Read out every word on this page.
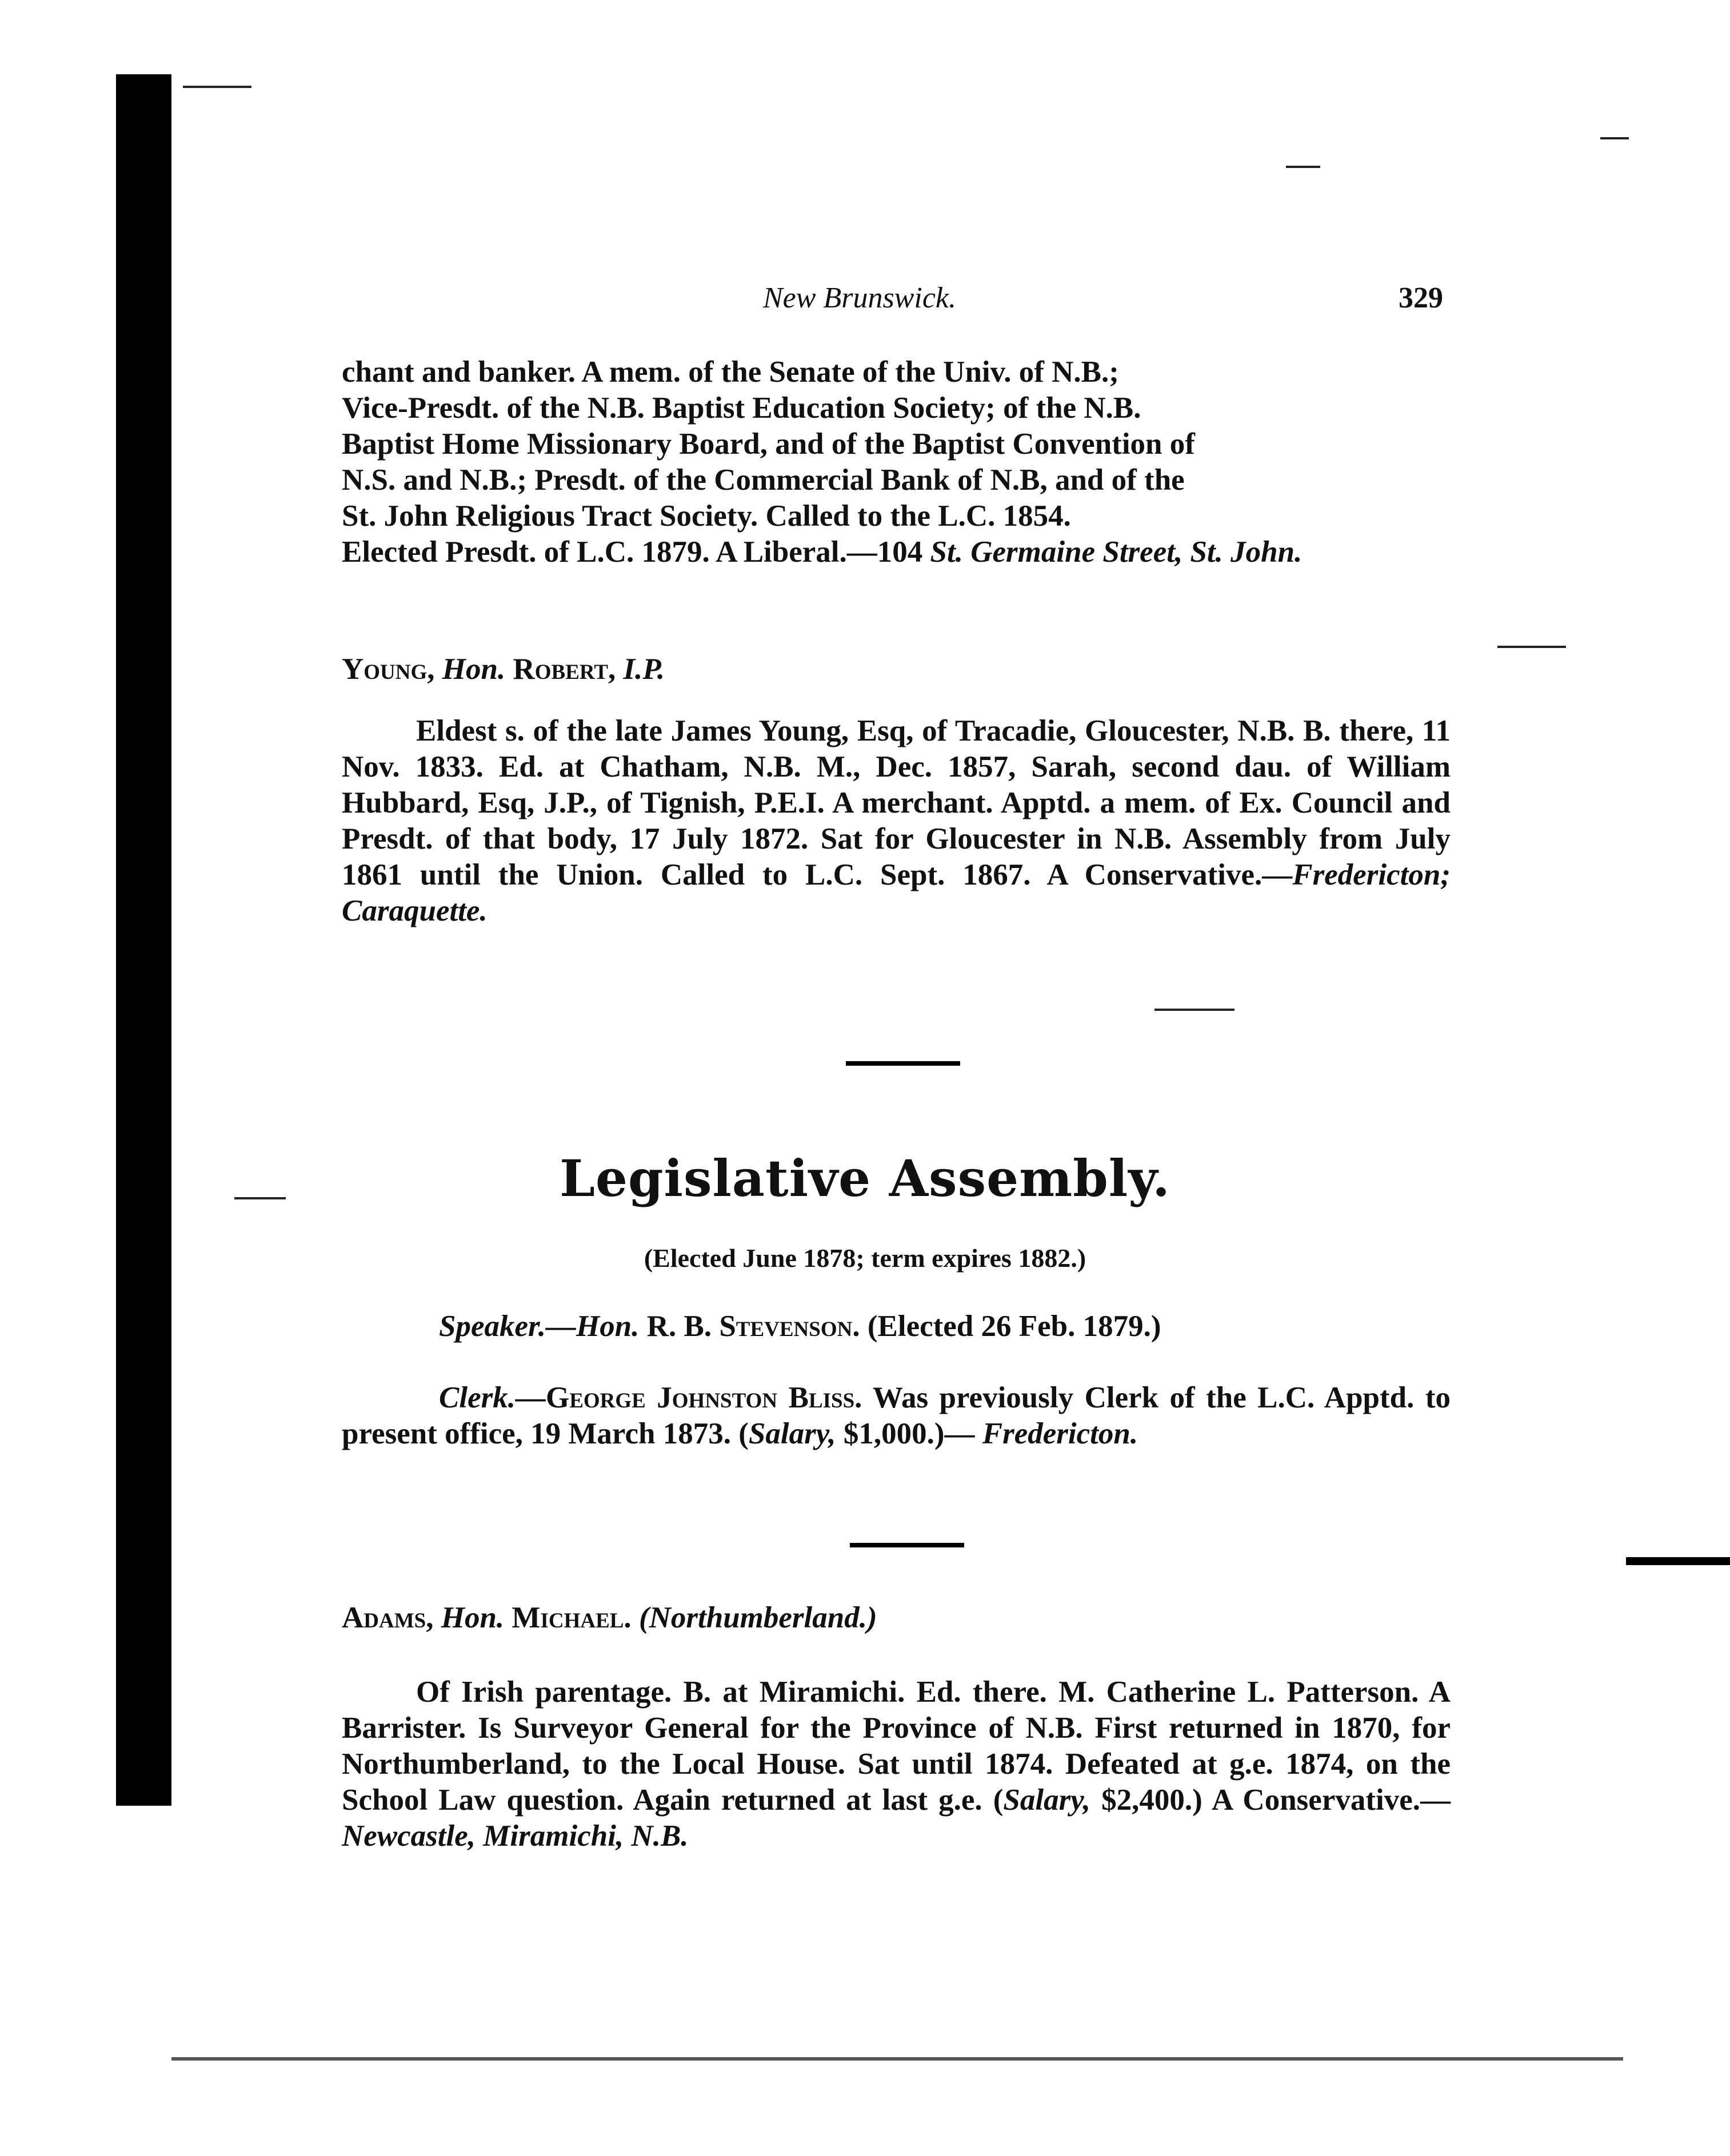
New Brunswick.	329
chant and banker. A mem. of the Senate of the Univ. of N.B.;
Vice-Presdt. of the N.B. Baptist Education Society; of the N.B.
Baptist Home Missionary Board, and of the Baptist Convention of
N.S. and N.B.; Presdt. of the Commercial Bank of N.B, and of the
St. John Religious Tract Society. Called to the L.C. 1854.
Elected Presdt. of L.C. 1879. A Liberal.—104 St. Germaine Street, St. John.
Young, Hon. Robert, I.P.
Eldest s. of the late James Young, Esq, of Tracadie, Gloucester, N.B. B. there, 11 Nov. 1833. Ed. at Chatham, N.B. M., Dec. 1857, Sarah, second dau. of William Hubbard, Esq, J.P., of Tignish, P.E.I. A merchant. Apptd. a mem. of Ex. Council and Presdt. of that body, 17 July 1872. Sat for Gloucester in N.B. Assembly from July 1861 until the Union. Called to L.C. Sept. 1867. A Conservative.—Fredericton; Caraquette.
Legislative Assembly.
(Elected June 1878; term expires 1882.)
Speaker.—Hon. R. B. Stevenson. (Elected 26 Feb. 1879.)
Clerk.—George Johnston Bliss. Was previously Clerk of the L.C. Apptd. to present office, 19 March 1873. (Salary, $1,000.)— Fredericton.
Adams, Hon. Michael. (Northumberland.)
Of Irish parentage. B. at Miramichi. Ed. there. M. Catherine L. Patterson. A Barrister. Is Surveyor General for the Province of N.B. First returned in 1870, for Northumberland, to the Local House. Sat until 1874. Defeated at g.e. 1874, on the School Law question. Again returned at last g.e. (Salary, $2,400.) A Conservative.—Newcastle, Miramichi, N.B.
